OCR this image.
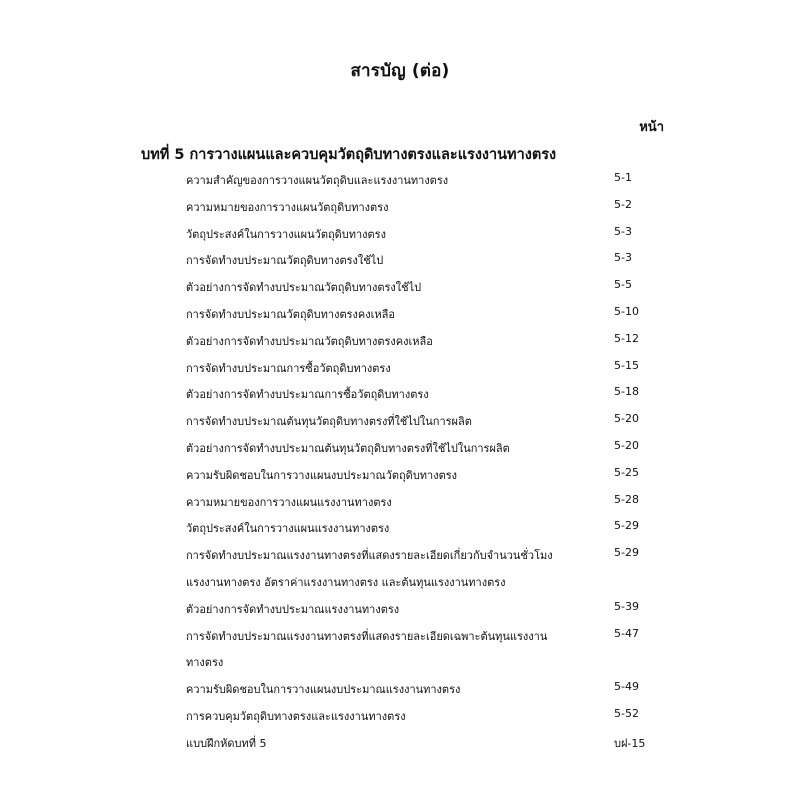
สารบัญ (ต่อ)
หน้า
บทที่ 5 การวางแผนและควบคุมวัตถุดิบทางตรงและแรงงานทางตรง
ความสำคัญของการวางแผนวัตถุดิบและแรงงานทางตรง	5-1
ความหมายของการวางแผนวัตถุดิบทางตรง	5-2
วัตถุประสงค์ในการวางแผนวัตถุดิบทางตรง	5-3
การจัดทำงบประมาณวัตถุดิบทางตรงใช้ไป	5-3
ตัวอย่างการจัดทำงบประมาณวัตถุดิบทางตรงใช้ไป	5-5
การจัดทำงบประมาณวัตถุดิบทางตรงคงเหลือ	5-10
ตัวอย่างการจัดทำงบประมาณวัตถุดิบทางตรงคงเหลือ	5-12
การจัดทำงบประมาณการซื้อวัตถุดิบทางตรง	5-15
ตัวอย่างการจัดทำงบประมาณการซื้อวัตถุดิบทางตรง	5-18
การจัดทำงบประมาณต้นทุนวัตถุดิบทางตรงที่ใช้ไปในการผลิต	5-20
ตัวอย่างการจัดทำงบประมาณต้นทุนวัตถุดิบทางตรงที่ใช้ไปในการผลิต	5-20
ความรับผิดชอบในการวางแผนงบประมาณวัตถุดิบทางตรง	5-25
ความหมายของการวางแผนแรงงานทางตรง	5-28
วัตถุประสงค์ในการวางแผนแรงงานทางตรง	5-29
การจัดทำงบประมาณแรงงานทางตรงที่แสดงรายละเอียดเกี่ยวกับจำนวนชั่วโมง	5-29
แรงงานทางตรง อัตราค่าแรงงานทางตรง และต้นทุนแรงงานทางตรง
ตัวอย่างการจัดทำงบประมาณแรงงานทางตรง	5-39
การจัดทำงบประมาณแรงงานทางตรงที่แสดงรายละเอียดเฉพาะต้นทุนแรงงาน	5-47
ทางตรง
ความรับผิดชอบในการวางแผนงบประมาณแรงงานทางตรง	5-49
การควบคุมวัตถุดิบทางตรงและแรงงานทางตรง	5-52
แบบฝึกหัดบทที่ 5	บฝ-15
